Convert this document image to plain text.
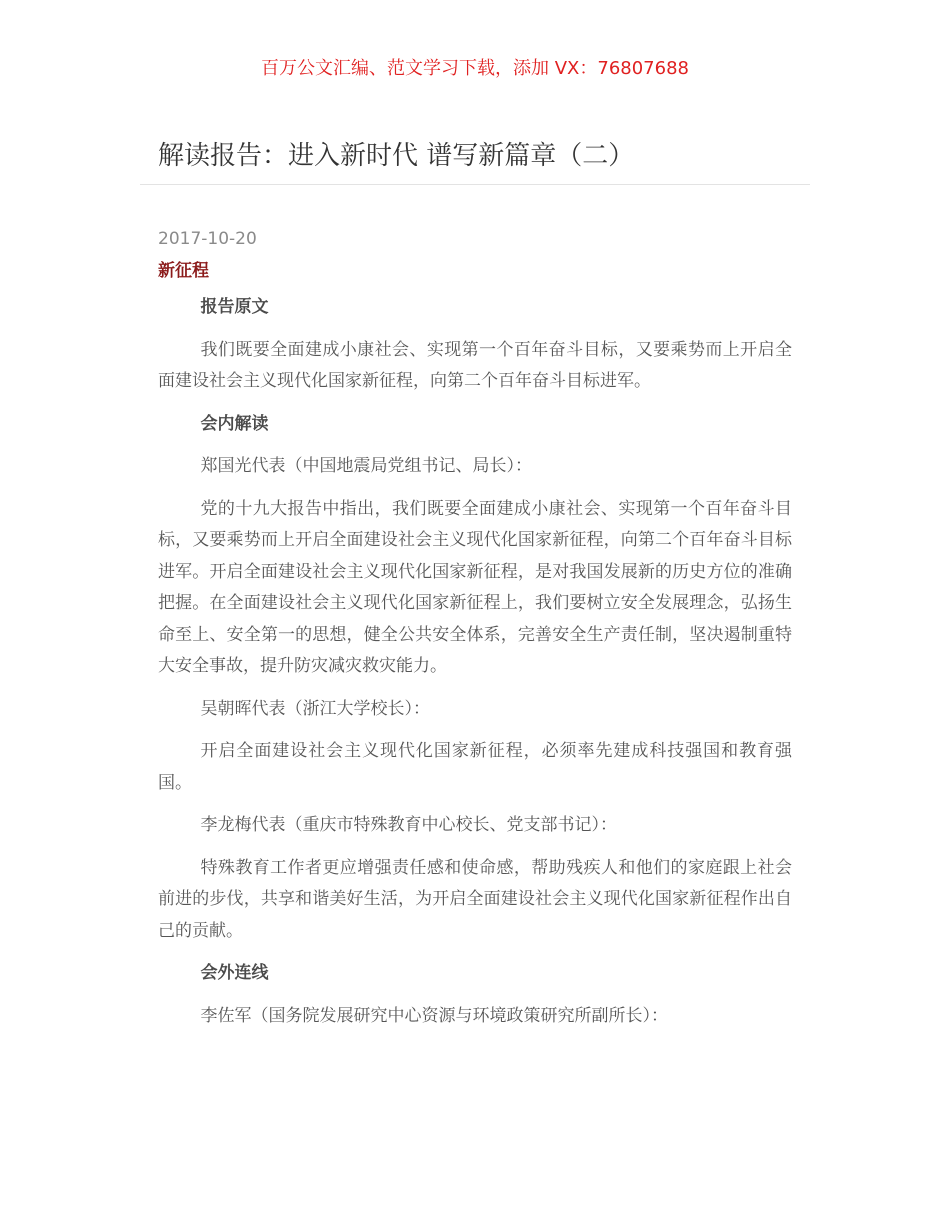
百万公文汇编、范文学习下载，添加 VX：76807688
解读报告：进入新时代 谱写新篇章（二）

2017-10-20

新征程

报告原文

我们既要全面建成小康社会、实现第一个百年奋斗目标，又要乘势而上开启全面建设社会主义现代化国家新征程，向第二个百年奋斗目标进军。

会内解读

郑国光代表（中国地震局党组书记、局长）：

党的十九大报告中指出，我们既要全面建成小康社会、实现第一个百年奋斗目标，又要乘势而上开启全面建设社会主义现代化国家新征程，向第二个百年奋斗目标进军。开启全面建设社会主义现代化国家新征程，是对我国发展新的历史方位的准确把握。在全面建设社会主义现代化国家新征程上，我们要树立安全发展理念，弘扬生命至上、安全第一的思想，健全公共安全体系，完善安全生产责任制，坚决遏制重特大安全事故，提升防灾减灾救灾能力。

吴朝晖代表（浙江大学校长）：

开启全面建设社会主义现代化国家新征程，必须率先建成科技强国和教育强国。

李龙梅代表（重庆市特殊教育中心校长、党支部书记）：

特殊教育工作者更应增强责任感和使命感，帮助残疾人和他们的家庭跟上社会前进的步伐，共享和谐美好生活，为开启全面建设社会主义现代化国家新征程作出自己的贡献。

会外连线

李佐军（国务院发展研究中心资源与环境政策研究所副所长）：
